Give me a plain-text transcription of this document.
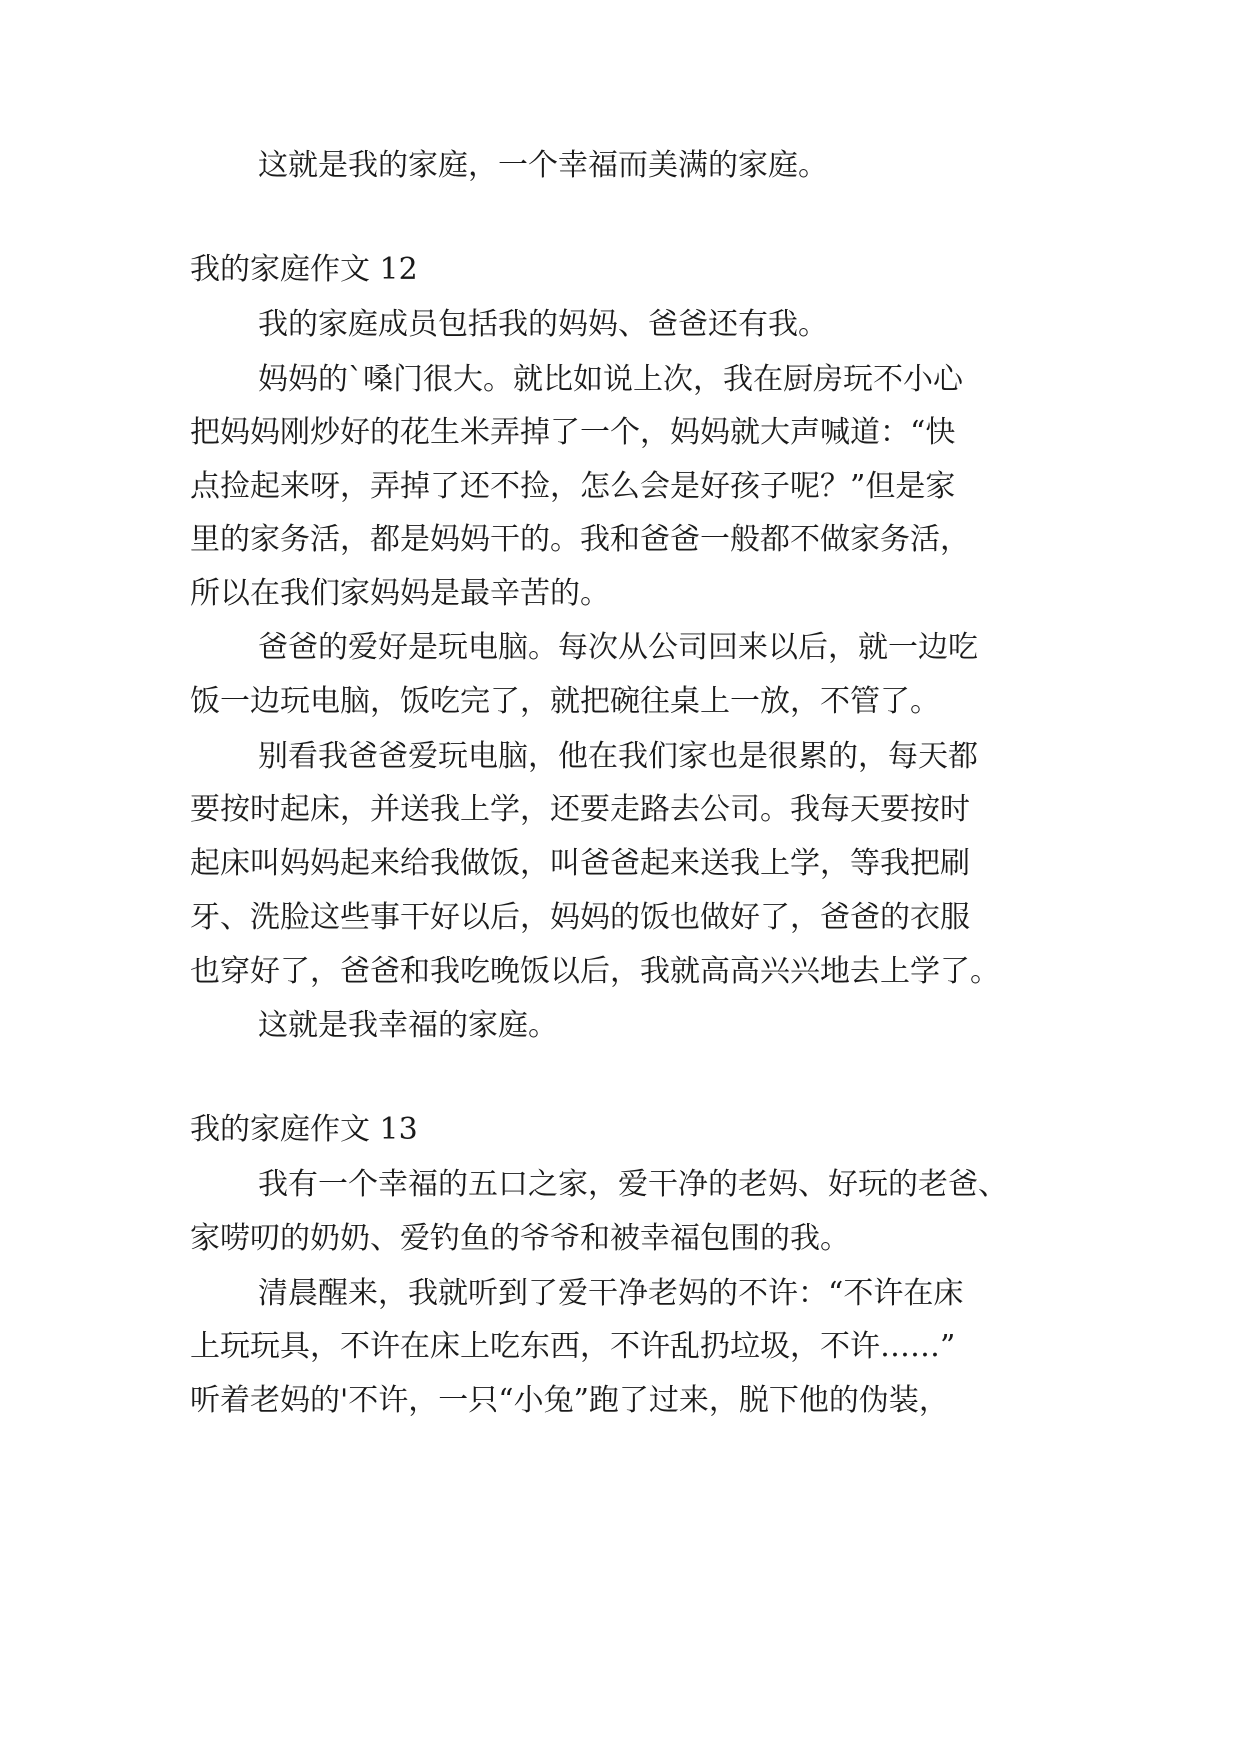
这就是我的家庭，一个幸福而美满的家庭。

我的家庭作文 12

我的家庭成员包括我的妈妈、爸爸还有我。

妈妈的`嗓门很大。就比如说上次，我在厨房玩不小心

把妈妈刚炒好的花生米弄掉了一个，妈妈就大声喊道：“快

点捡起来呀，弄掉了还不捡，怎么会是好孩子呢？”但是家

里的家务活，都是妈妈干的。我和爸爸一般都不做家务活，

所以在我们家妈妈是最辛苦的。

爸爸的爱好是玩电脑。每次从公司回来以后，就一边吃

饭一边玩电脑，饭吃完了，就把碗往桌上一放，不管了。

别看我爸爸爱玩电脑，他在我们家也是很累的，每天都

要按时起床，并送我上学，还要走路去公司。我每天要按时

起床叫妈妈起来给我做饭，叫爸爸起来送我上学，等我把刷

牙、洗脸这些事干好以后，妈妈的饭也做好了，爸爸的衣服

也穿好了，爸爸和我吃晚饭以后，我就高高兴兴地去上学了。

这就是我幸福的家庭。

我的家庭作文 13

我有一个幸福的五口之家，爱干净的老妈、好玩的老爸、

家唠叨的奶奶、爱钓鱼的爷爷和被幸福包围的我。

清晨醒来，我就听到了爱干净老妈的不许：“不许在床

上玩玩具，不许在床上吃东西，不许乱扔垃圾，不许……”

听着老妈的'不许，一只“小兔”跑了过来，脱下他的伪装，
